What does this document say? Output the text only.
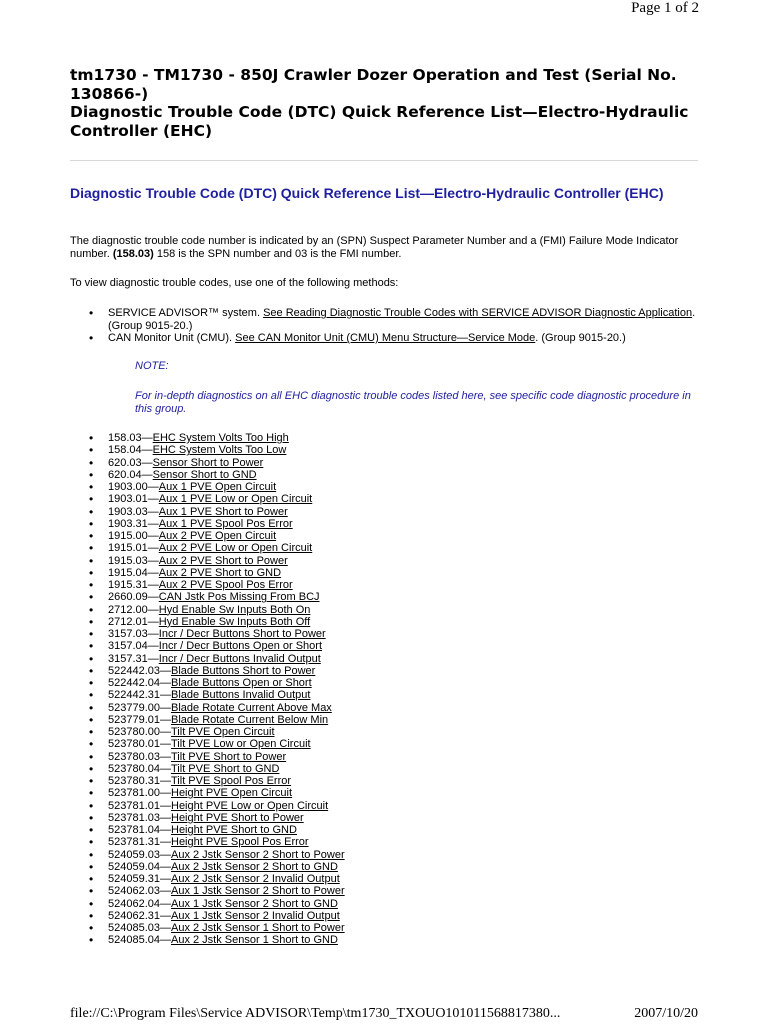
Page 1 of 2
tm1730 - TM1730 - 850J Crawler Dozer Operation and Test (Serial No.
130866-)
Diagnostic Trouble Code (DTC) Quick Reference List—Electro-Hydraulic
Controller (EHC)
Diagnostic Trouble Code (DTC) Quick Reference List—Electro-Hydraulic Controller (EHC)

The diagnostic trouble code number is indicated by an (SPN) Suspect Parameter Number and a (FMI) Failure Mode Indicator number. (158.03) 158 is the SPN number and 03 is the FMI number.

To view diagnostic trouble codes, use one of the following methods:

• SERVICE ADVISOR™ system. See Reading Diagnostic Trouble Codes with SERVICE ADVISOR Diagnostic Application. (Group 9015-20.)
• CAN Monitor Unit (CMU). See CAN Monitor Unit (CMU) Menu Structure—Service Mode. (Group 9015-20.)

NOTE:

For in-depth diagnostics on all EHC diagnostic trouble codes listed here, see specific code diagnostic procedure in this group.

• 158.03—EHC System Volts Too High
• 158.04—EHC System Volts Too Low
• 620.03—Sensor Short to Power
• 620.04—Sensor Short to GND
• 1903.00—Aux 1 PVE Open Circuit
• 1903.01—Aux 1 PVE Low or Open Circuit
• 1903.03—Aux 1 PVE Short to Power
• 1903.31—Aux 1 PVE Spool Pos Error
• 1915.00—Aux 2 PVE Open Circuit
• 1915.01—Aux 2 PVE Low or Open Circuit
• 1915.03—Aux 2 PVE Short to Power
• 1915.04—Aux 2 PVE Short to GND
• 1915.31—Aux 2 PVE Spool Pos Error
• 2660.09—CAN Jstk Pos Missing From BCJ
• 2712.00—Hyd Enable Sw Inputs Both On
• 2712.01—Hyd Enable Sw Inputs Both Off
• 3157.03—Incr / Decr Buttons Short to Power
• 3157.04—Incr / Decr Buttons Open or Short
• 3157.31—Incr / Decr Buttons Invalid Output
• 522442.03—Blade Buttons Short to Power
• 522442.04—Blade Buttons Open or Short
• 522442.31—Blade Buttons Invalid Output
• 523779.00—Blade Rotate Current Above Max
• 523779.01—Blade Rotate Current Below Min
• 523780.00—Tilt PVE Open Circuit
• 523780.01—Tilt PVE Low or Open Circuit
• 523780.03—Tilt PVE Short to Power
• 523780.04—Tilt PVE Short to GND
• 523780.31—Tilt PVE Spool Pos Error
• 523781.00—Height PVE Open Circuit
• 523781.01—Height PVE Low or Open Circuit
• 523781.03—Height PVE Short to Power
• 523781.04—Height PVE Short to GND
• 523781.31—Height PVE Spool Pos Error
• 524059.03—Aux 2 Jstk Sensor 2 Short to Power
• 524059.04—Aux 2 Jstk Sensor 2 Short to GND
• 524059.31—Aux 2 Jstk Sensor 2 Invalid Output
• 524062.03—Aux 1 Jstk Sensor 2 Short to Power
• 524062.04—Aux 1 Jstk Sensor 2 Short to GND
• 524062.31—Aux 1 Jstk Sensor 2 Invalid Output
• 524085.03—Aux 2 Jstk Sensor 1 Short to Power
• 524085.04—Aux 2 Jstk Sensor 1 Short to GND
file://C:\Program Files\Service ADVISOR\Temp\tm1730_TXOUO101011568817380...	2007/10/20
